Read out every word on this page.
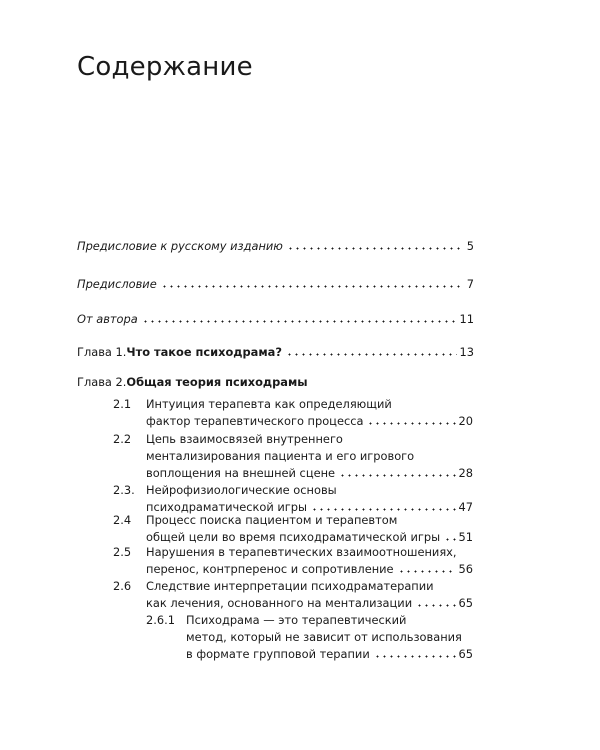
Содержание
Предисловие к русскому изданию	5
Предисловие	7
От автора	11
Глава 1. Что такое психодрама?	13
Глава 2. Общая теория психодрамы
2.1 Интуиция терапевта как определяющий
фактор терапевтического процесса	20
2.2 Цепь взаимосвязей внутреннего
ментализирования пациента и его игрового
воплощения на внешней сцене	28
2.3. Нейрофизиологические основы
психодраматической игры	47
2.4 Процесс поиска пациентом и терапевтом
общей цели во время психодраматической игры 51
2.5 Нарушения в терапевтических взаимоотношениях,
перенос, контрперенос и сопротивление	56
2.6 Следствие интерпретации психодраматерапии
как лечения, основанного на ментализации	65
2.6.1 Психодрама — это терапевтический
метод, который не зависит от использования
в формате групповой терапии	65
